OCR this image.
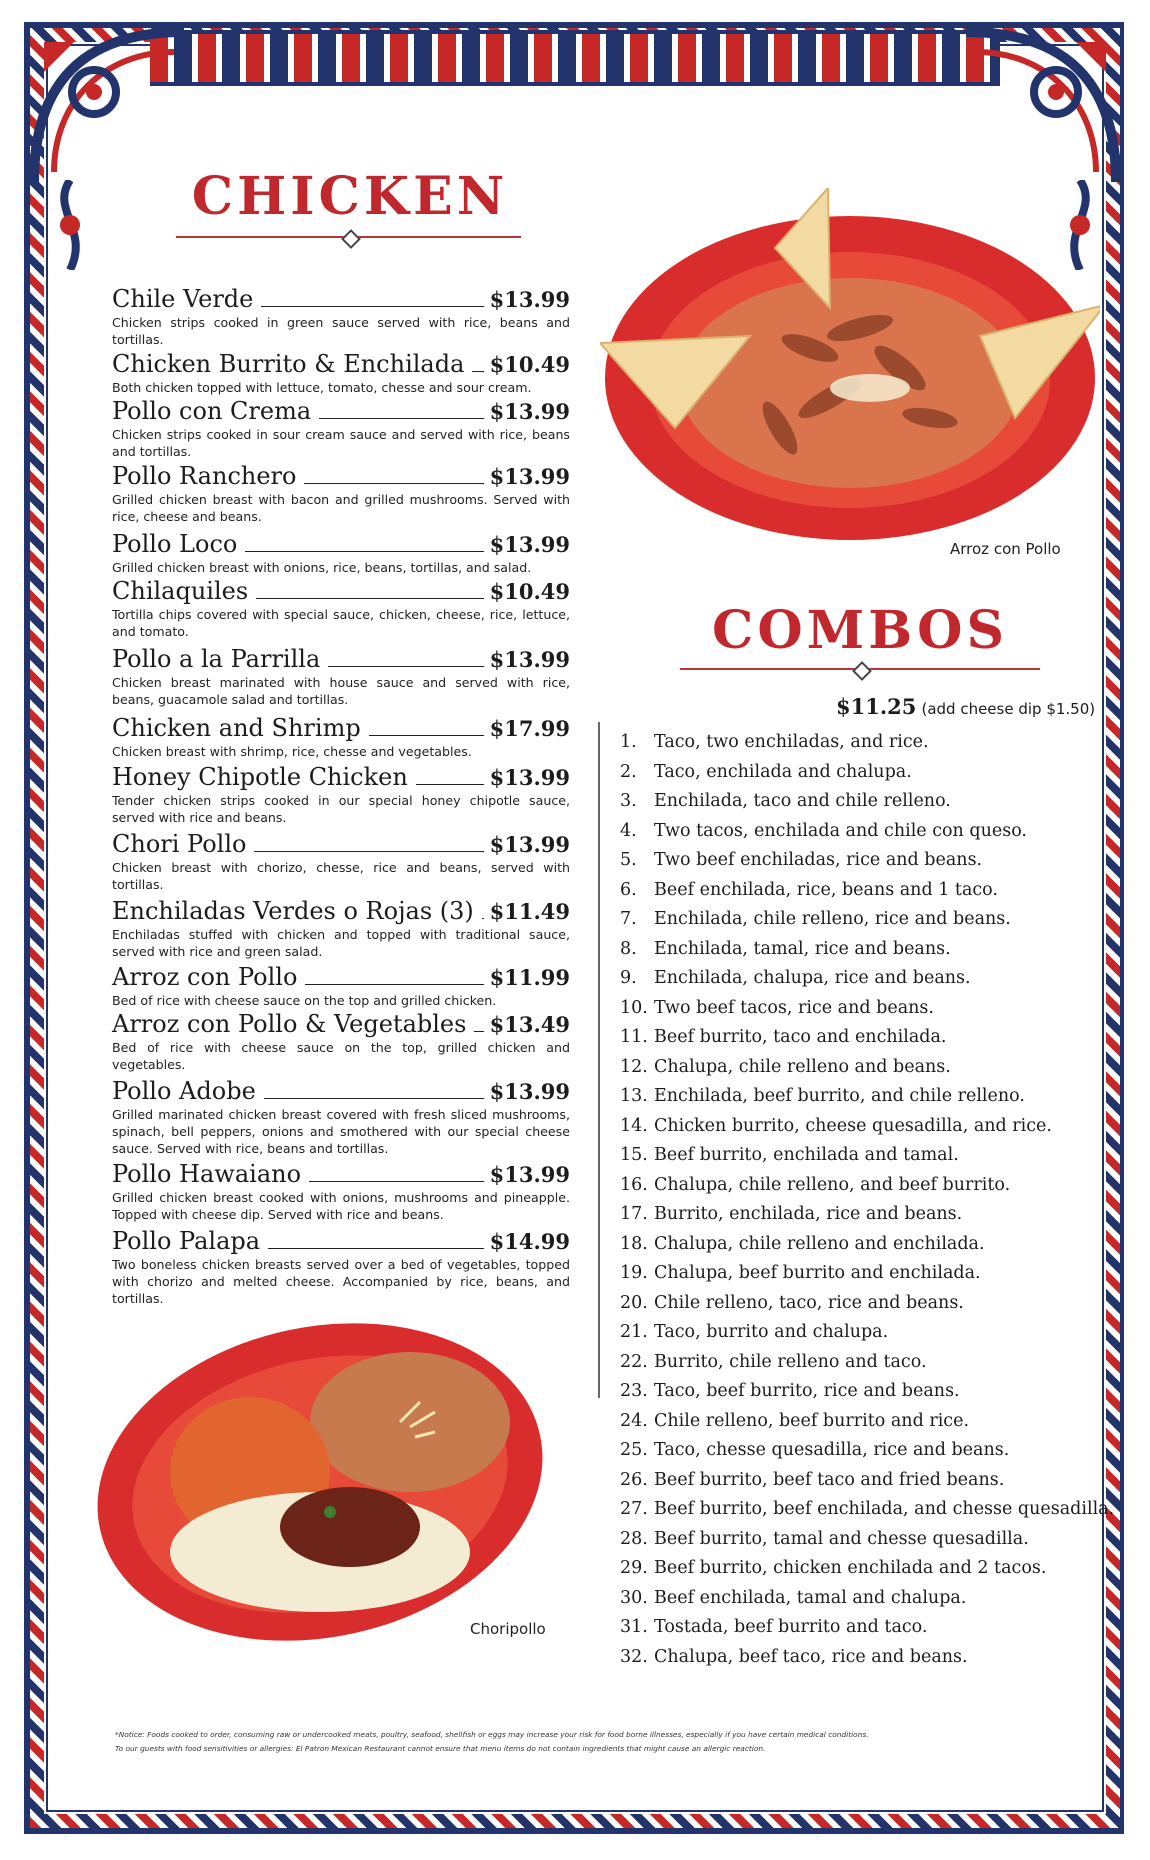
CHICKEN
Chile Verde	$13.99
Chicken strips cooked in green sauce served with rice, beans and tortillas.
Chicken Burrito & Enchilada $10.49
Both chicken topped with lettuce, tomato, chesse and sour cream.
Pollo con Crema	$13.99
Chicken strips cooked in sour cream sauce and served with rice, beans and tortillas.
Pollo Ranchero	$13.99
Grilled chicken breast with bacon and grilled mushrooms. Served with rice, cheese and beans.
Pollo Loco	$13.99
Grilled chicken breast with onions, rice, beans, tortillas, and salad.
Chilaquiles	$10.49
Tortilla chips covered with special sauce, chicken, cheese, rice, lettuce, and tomato.
Pollo a la Parrilla	$13.99
Chicken breast marinated with house sauce and served with rice, beans, guacamole salad and tortillas.
Chicken and Shrimp	$17.99
Chicken breast with shrimp, rice, chesse and vegetables.
Honey Chipotle Chicken	$13.99
Tender chicken strips cooked in our special honey chipotle sauce, served with rice and beans.
Chori Pollo	$13.99
Chicken breast with chorizo, chesse, rice and beans, served with tortillas.
Enchiladas Verdes o Rojas (3) $11.49
Enchiladas stuffed with chicken and topped with traditional sauce, served with rice and green salad.
Arroz con Pollo	$11.99
Bed of rice with cheese sauce on the top and grilled chicken.
Arroz con Pollo & Vegetables $13.49
Bed of rice with cheese sauce on the top, grilled chicken and vegetables.
Pollo Adobe	$13.99
Grilled marinated chicken breast covered with fresh sliced mushrooms, spinach, bell peppers, onions and smothered with our special cheese sauce. Served with rice, beans and tortillas.
Pollo Hawaiano	$13.99
Grilled chicken breast cooked with onions, mushrooms and pineapple. Topped with cheese dip. Served with rice and beans.
Pollo Palapa	$14.99
Two boneless chicken breasts served over a bed of vegetables, topped with chorizo and melted cheese. Accompanied by rice, beans, and tortillas.
Arroz con Pollo
COMBOS
$11.25 (add cheese dip $1.50)
1. Taco, two enchiladas, and rice.
2. Taco, enchilada and chalupa.
3. Enchilada, taco and chile relleno.
4. Two tacos, enchilada and chile con queso.
5. Two beef enchiladas, rice and beans.
6. Beef enchilada, rice, beans and 1 taco.
7. Enchilada, chile relleno, rice and beans.
8. Enchilada, tamal, rice and beans.
9. Enchilada, chalupa, rice and beans.
10. Two beef tacos, rice and beans.
11. Beef burrito, taco and enchilada.
12. Chalupa, chile relleno and beans.
13. Enchilada, beef burrito, and chile relleno.
14. Chicken burrito, cheese quesadilla, and rice.
15. Beef burrito, enchilada and tamal.
16. Chalupa, chile relleno, and beef burrito.
17. Burrito, enchilada, rice and beans.
18. Chalupa, chile relleno and enchilada.
19. Chalupa, beef burrito and enchilada.
20. Chile relleno, taco, rice and beans.
21. Taco, burrito and chalupa.
22. Burrito, chile relleno and taco.
23. Taco, beef burrito, rice and beans.
24. Chile relleno, beef burrito and rice.
25. Taco, chesse quesadilla, rice and beans.
26. Beef burrito, beef taco and fried beans.
27. Beef burrito, beef enchilada, and chesse quesadilla.
28. Beef burrito, tamal and chesse quesadilla.
29. Beef burrito, chicken enchilada and 2 tacos.
30. Beef enchilada, tamal and chalupa.
31. Tostada, beef burrito and taco.
32. Chalupa, beef taco, rice and beans.
Choripollo
*Notice: Foods cooked to order, consuming raw or undercooked meats, poultry, seafood, shellfish or eggs may increase your risk for food borne illnesses, especially if you have certain medical conditions.
To our guests with food sensitivities or allergies: El Patron Mexican Restaurant cannot ensure that menu items do not contain ingredients that might cause an allergic reaction.
